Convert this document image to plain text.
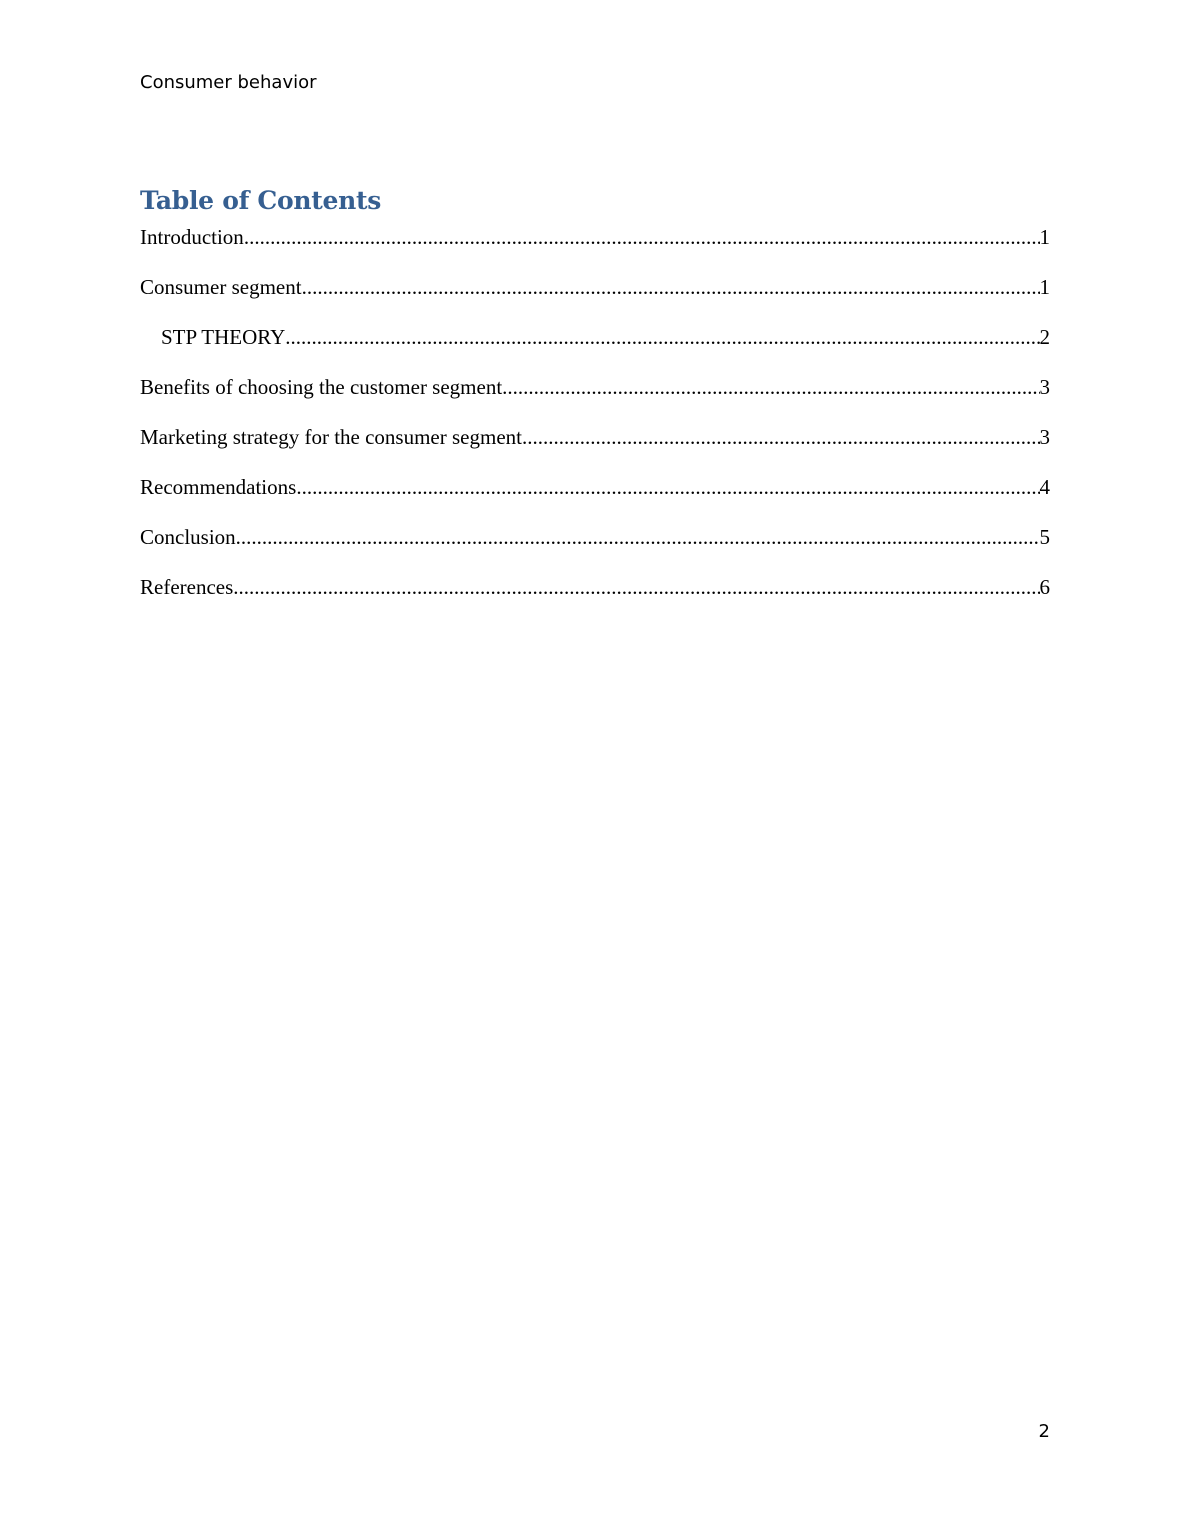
Consumer behavior
Table of Contents
Introduction .....	1
Consumer segment .....	1
STP THEORY .....	2
Benefits of choosing the customer segment .....	3
Marketing strategy for the consumer segment .....	3
Recommendations .....	4
Conclusion .....	5
References .....	6
2
